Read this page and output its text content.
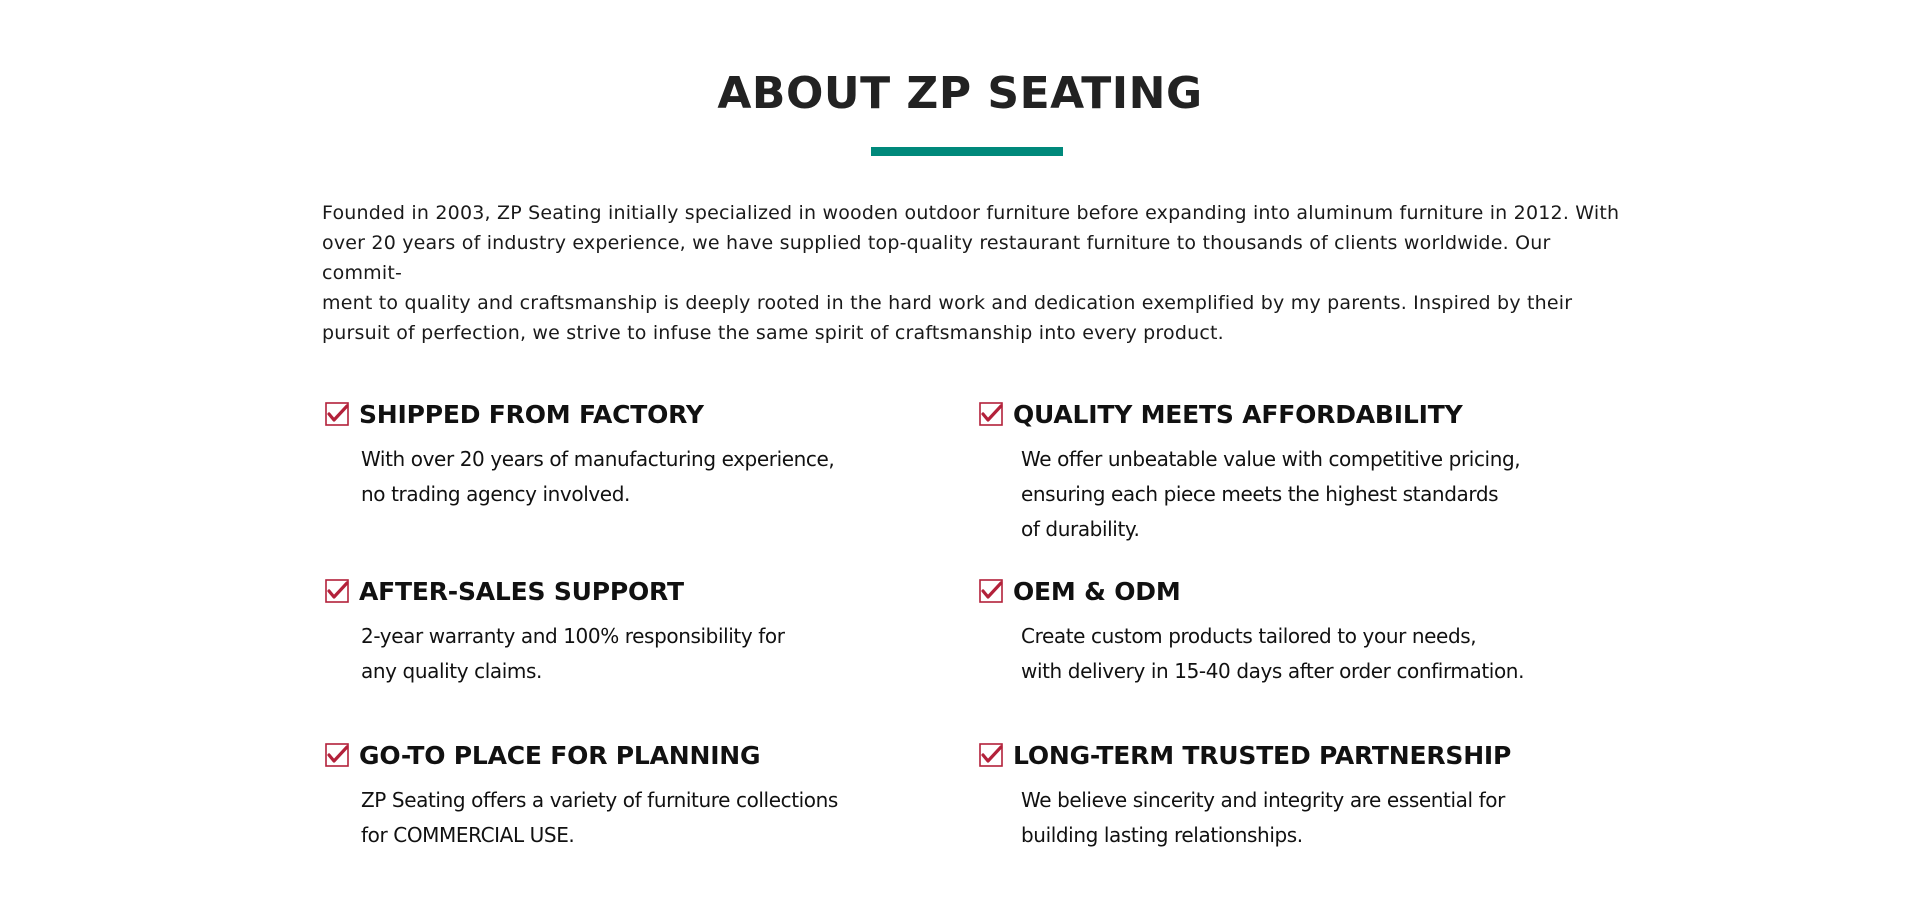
ABOUT ZP SEATING

Founded in 2003, ZP Seating initially specialized in wooden outdoor furniture before expanding into aluminum furniture in 2012. With
over 20 years of industry experience, we have supplied top-quality restaurant furniture to thousands of clients worldwide. Our commit-
ment to quality and craftsmanship is deeply rooted in the hard work and dedication exemplified by my parents. Inspired by their
pursuit of perfection, we strive to infuse the same spirit of craftsmanship into every product.

SHIPPED FROM FACTORY
With over 20 years of manufacturing experience,
no trading agency involved.
QUALITY MEETS AFFORDABILITY
We offer unbeatable value with competitive pricing,
ensuring each piece meets the highest standards
of durability.
AFTER-SALES SUPPORT
2-year warranty and 100% responsibility for
any quality claims.
OEM & ODM
Create custom products tailored to your needs,
with delivery in 15-40 days after order confirmation.
GO-TO PLACE FOR PLANNING
ZP Seating offers a variety of furniture collections
for COMMERCIAL USE.
LONG-TERM TRUSTED PARTNERSHIP
We believe sincerity and integrity are essential for
building lasting relationships.
